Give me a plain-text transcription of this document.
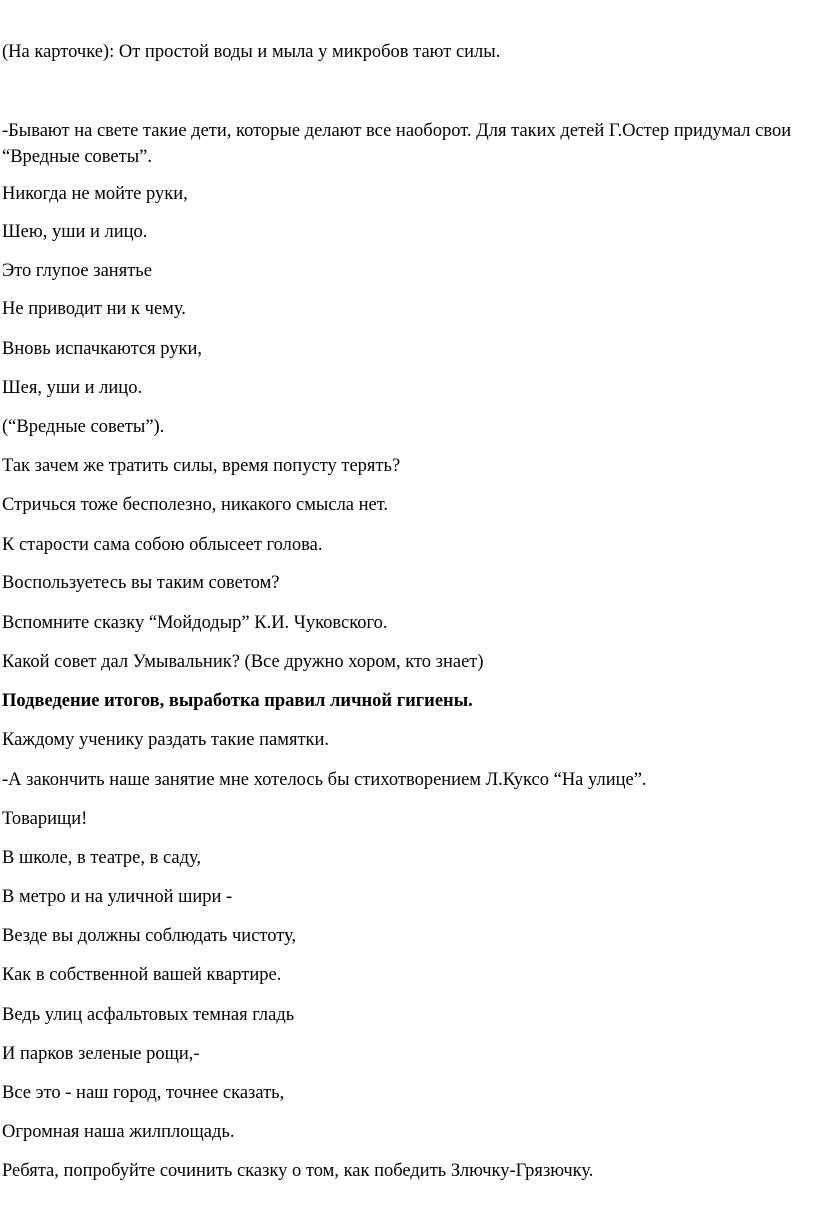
(На карточке): От простой воды и мыла у микробов тают силы.
-Бывают на свете такие дети, которые делают все наоборот. Для таких детей Г.Остер придумал свои
“Вредные советы”.
Никогда не мойте руки,
Шею, уши и лицо.
Это глупое занятье
Не приводит ни к чему.
Вновь испачкаются руки,
Шея, уши и лицо.
(“Вредные советы”).
Так зачем же тратить силы, время попусту терять?
Стричься тоже бесполезно, никакого смысла нет.
К старости сама собою облысеет голова.
Воспользуетесь вы таким советом?
Вспомните сказку “Мойдодыр” К.И. Чуковского.
Какой совет дал Умывальник? (Все дружно хором, кто знает)
Подведение итогов, выработка правил личной гигиены.
Каждому ученику раздать такие памятки.
-А закончить наше занятие мне хотелось бы стихотворением Л.Куксо “На улице”.
Товарищи!
В школе, в театре, в саду,
В метро и на уличной шири -
Везде вы должны соблюдать чистоту,
Как в собственной вашей квартире.
Ведь улиц асфальтовых темная гладь
И парков зеленые рощи,-
Все это - наш город, точнее сказать,
Огромная наша жилплощадь.
Ребята, попробуйте сочинить сказку о том, как победить Злючку-Грязючку.
